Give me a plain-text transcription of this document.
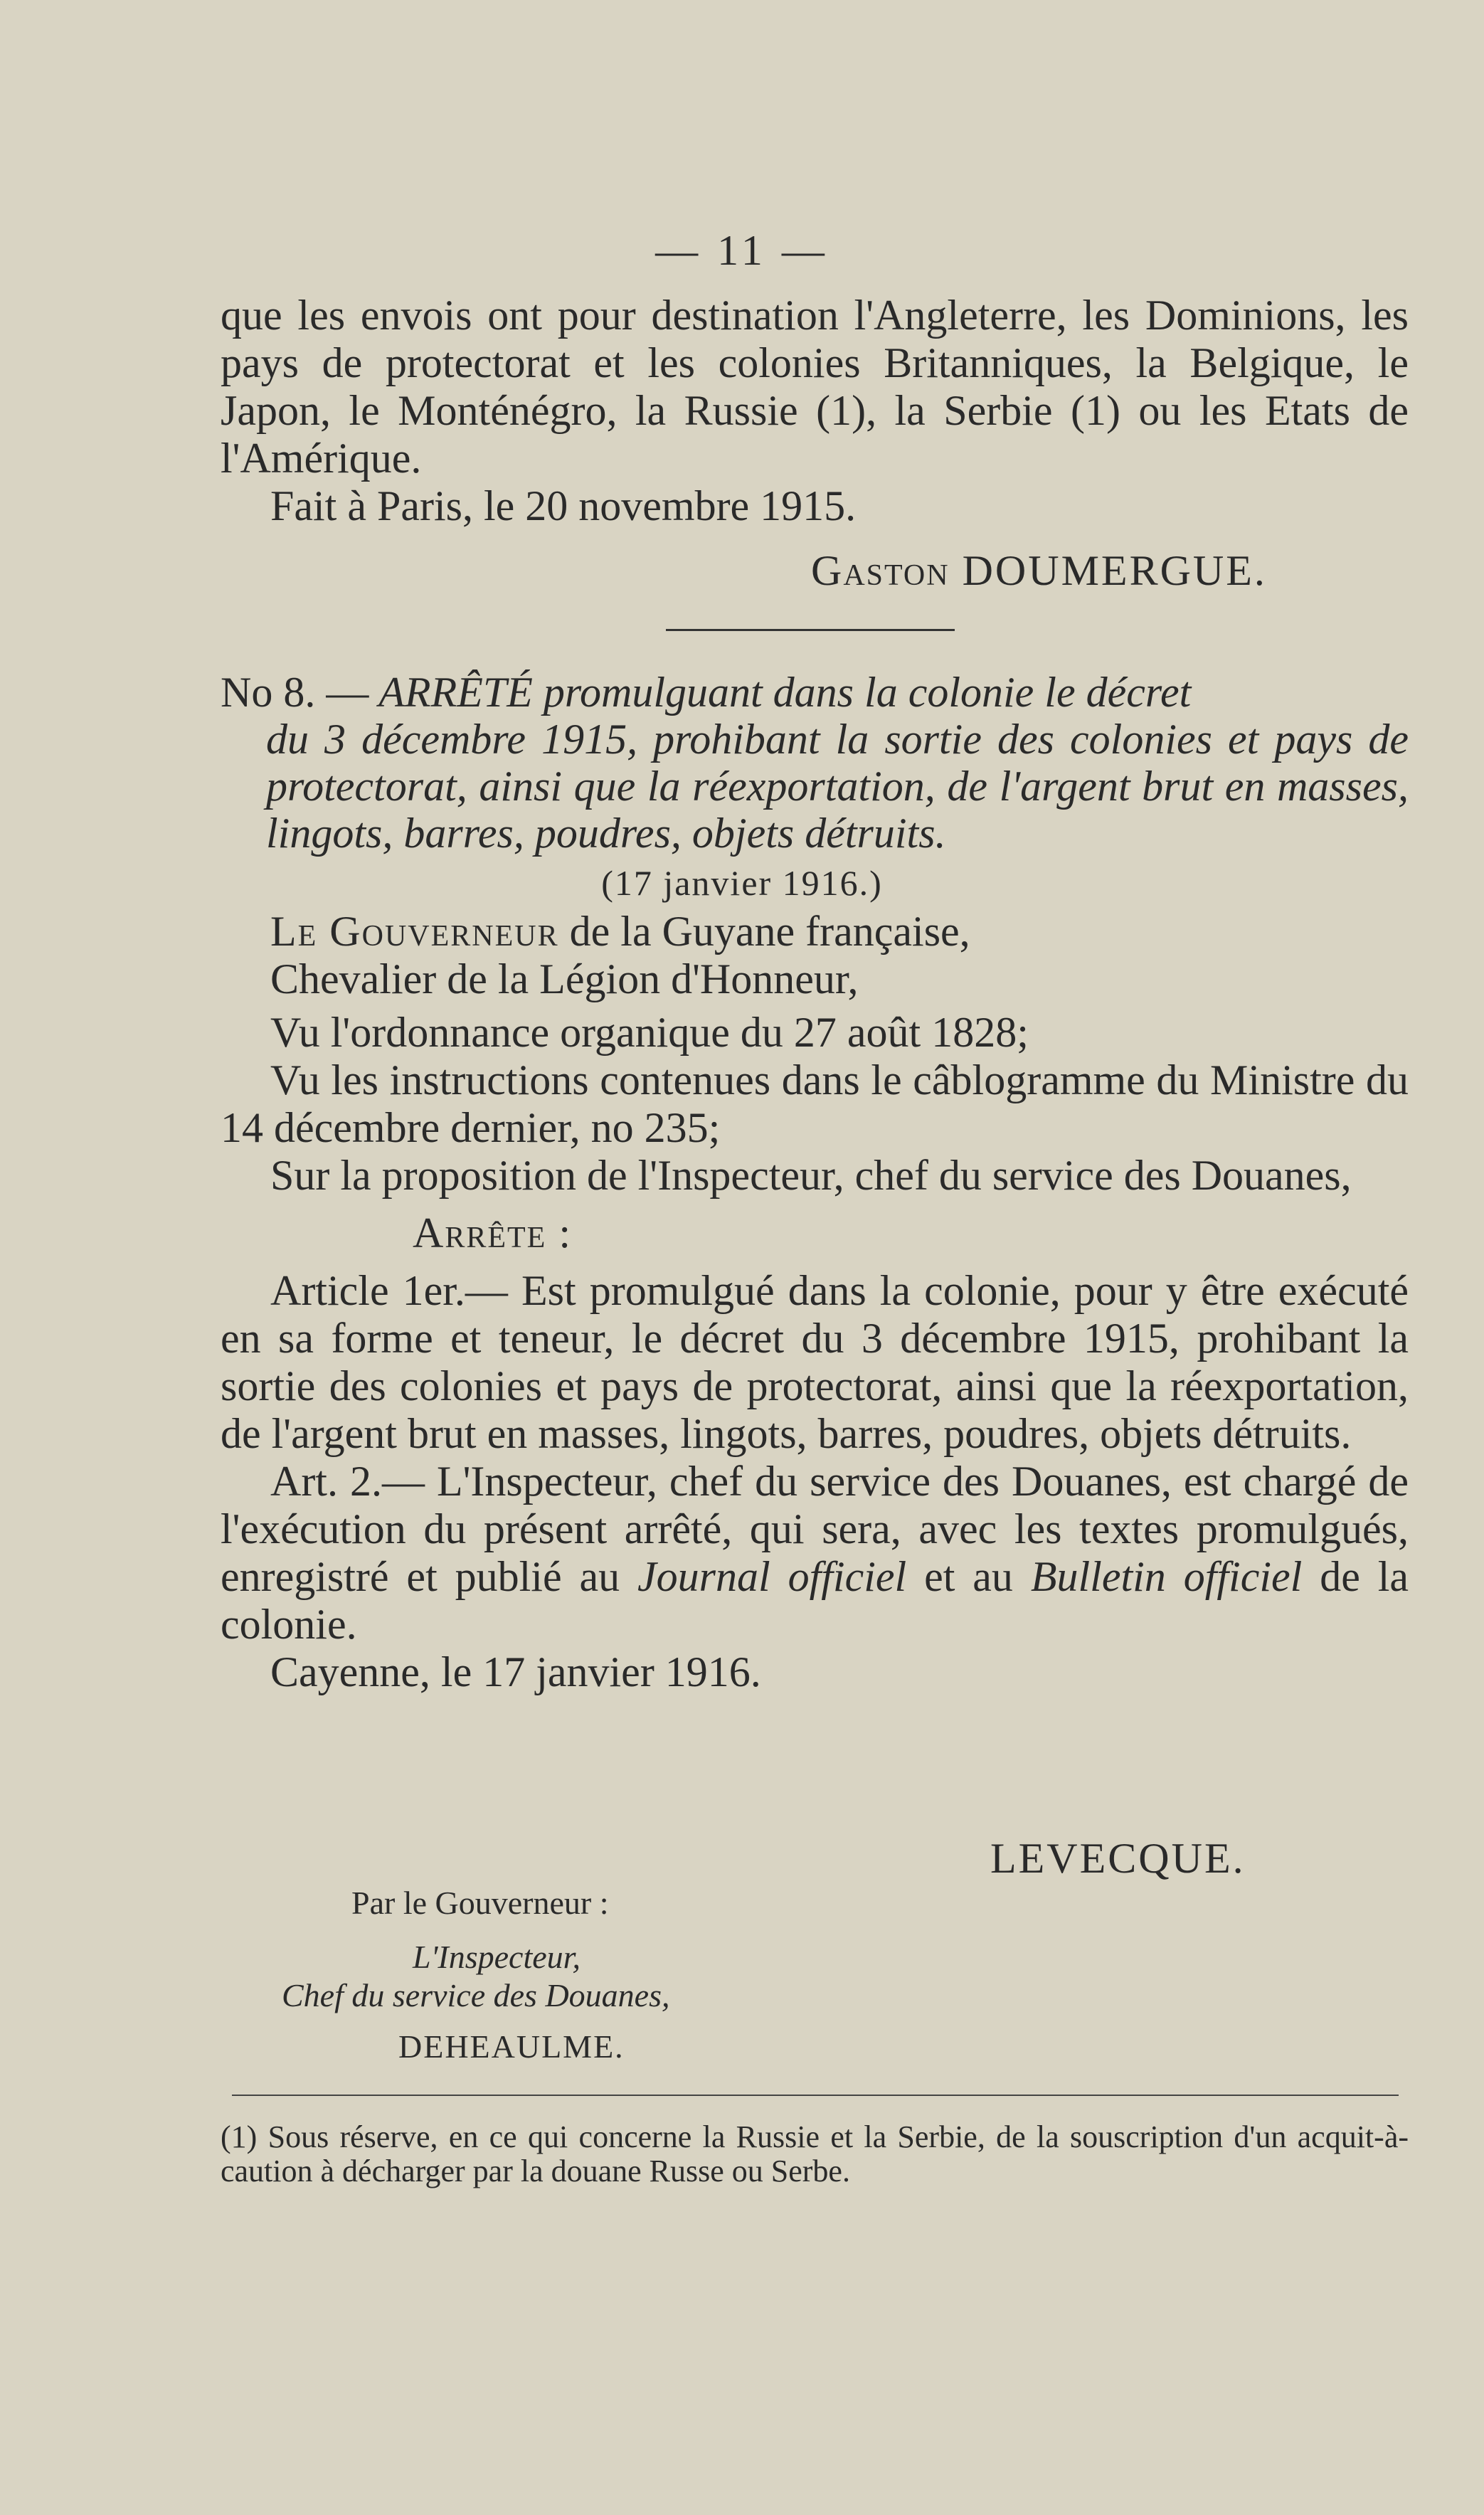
— 11 —

que les envois ont pour destination l'Angleterre, les Dominions, les pays de protectorat et les colonies Britanniques, la Belgique, le Japon, le Monténégro, la Russie (1), la Serbie (1) ou les Etats de l'Amérique.

Fait à Paris, le 20 novembre 1915.

Gaston DOUMERGUE.
No 8. — ARRÊTÉ promulguant dans la colonie le décret
du 3 décembre 1915, prohibant la sortie des colonies et pays de protectorat, ainsi que la réexportation, de l'argent brut en masses, lingots, barres, poudres, objets détruits.
(17 janvier 1916.)

Le Gouverneur de la Guyane française,

Chevalier de la Légion d'Honneur,

Vu l'ordonnance organique du 27 août 1828;

Vu les instructions contenues dans le câblogramme du Ministre du 14 décembre dernier, no 235;

Sur la proposition de l'Inspecteur, chef du service des Douanes,

Arrête :

Article 1er.— Est promulgué dans la colonie, pour y être exécuté en sa forme et teneur, le décret du 3 décembre 1915, prohibant la sortie des colonies et pays de protectorat, ainsi que la réexportation, de l'argent brut en masses, lingots, barres, poudres, objets détruits.

Art. 2.— L'Inspecteur, chef du service des Douanes, est chargé de l'exécution du présent arrêté, qui sera, avec les textes promulgués, enregistré et publié au Journal officiel et au Bulletin officiel de la colonie.

Cayenne, le 17 janvier 1916.

LEVECQUE.
Par le Gouverneur :
L'Inspecteur,
Chef du service des Douanes,
DEHEAULME.
(1) Sous réserve, en ce qui concerne la Russie et la Serbie, de la souscription d'un acquit-à-caution à décharger par la douane Russe ou Serbe.
